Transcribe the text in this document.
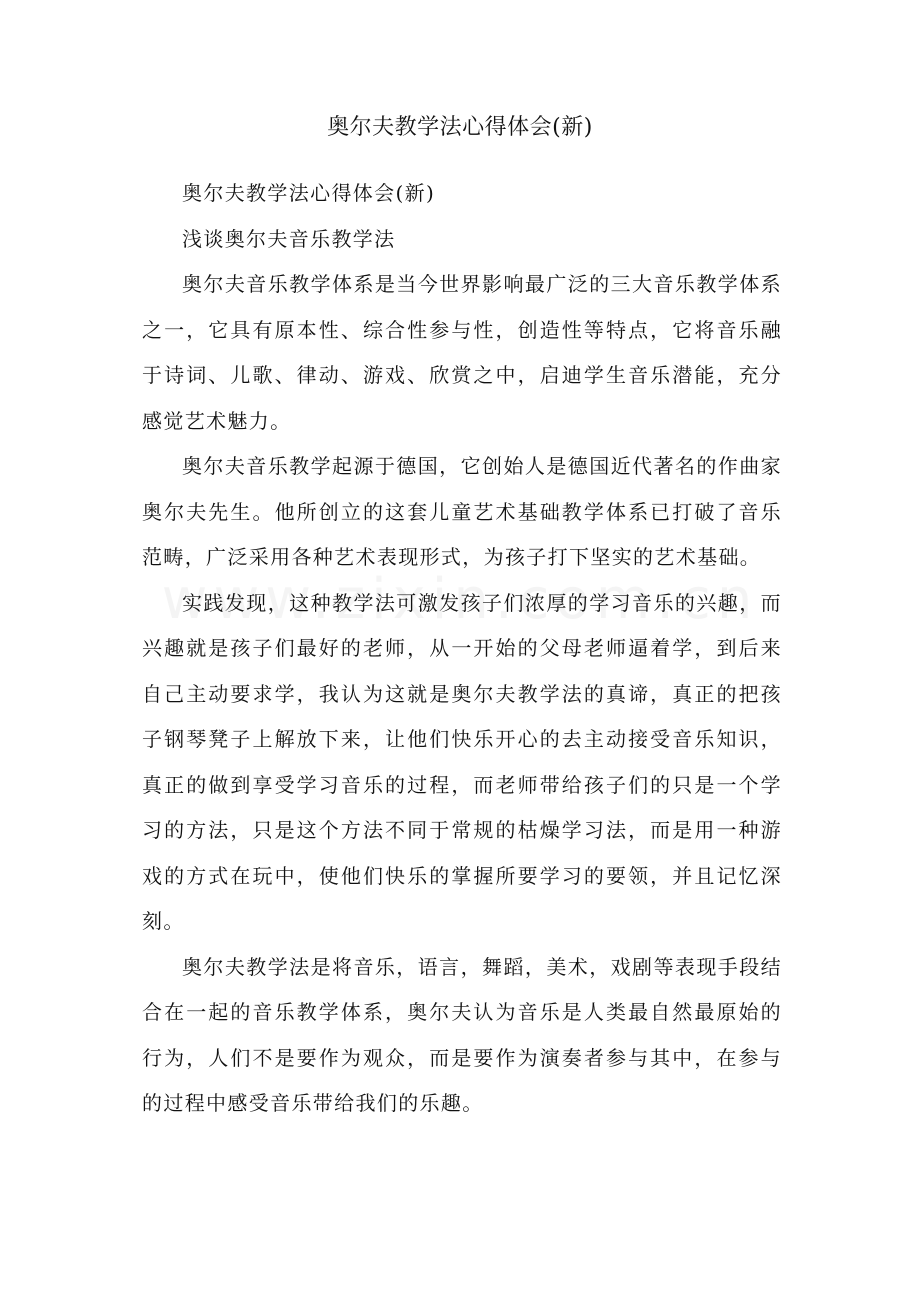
奥尔夫教学法心得体会(新)

奥尔夫教学法心得体会(新)

浅谈奥尔夫音乐教学法

奥尔夫音乐教学体系是当今世界影响最广泛的三大音乐教学体系之一，它具有原本性、综合性参与性，创造性等特点，它将音乐融于诗词、儿歌、律动、游戏、欣赏之中，启迪学生音乐潜能，充分感觉艺术魅力。

奥尔夫音乐教学起源于德国，它创始人是德国近代著名的作曲家奥尔夫先生。他所创立的这套儿童艺术基础教学体系已打破了音乐范畴，广泛采用各种艺术表现形式，为孩子打下坚实的艺术基础。

实践发现，这种教学法可激发孩子们浓厚的学习音乐的兴趣，而兴趣就是孩子们最好的老师，从一开始的父母老师逼着学，到后来自己主动要求学，我认为这就是奥尔夫教学法的真谛，真正的把孩子钢琴凳子上解放下来，让他们快乐开心的去主动接受音乐知识，真正的做到享受学习音乐的过程，而老师带给孩子们的只是一个学习的方法，只是这个方法不同于常规的枯燥学习法，而是用一种游戏的方式在玩中，使他们快乐的掌握所要学习的要领，并且记忆深刻。

奥尔夫教学法是将音乐，语言，舞蹈，美术，戏剧等表现手段结合在一起的音乐教学体系，奥尔夫认为音乐是人类最自然最原始的行为，人们不是要作为观众，而是要作为演奏者参与其中，在参与的过程中感受音乐带给我们的乐趣。
